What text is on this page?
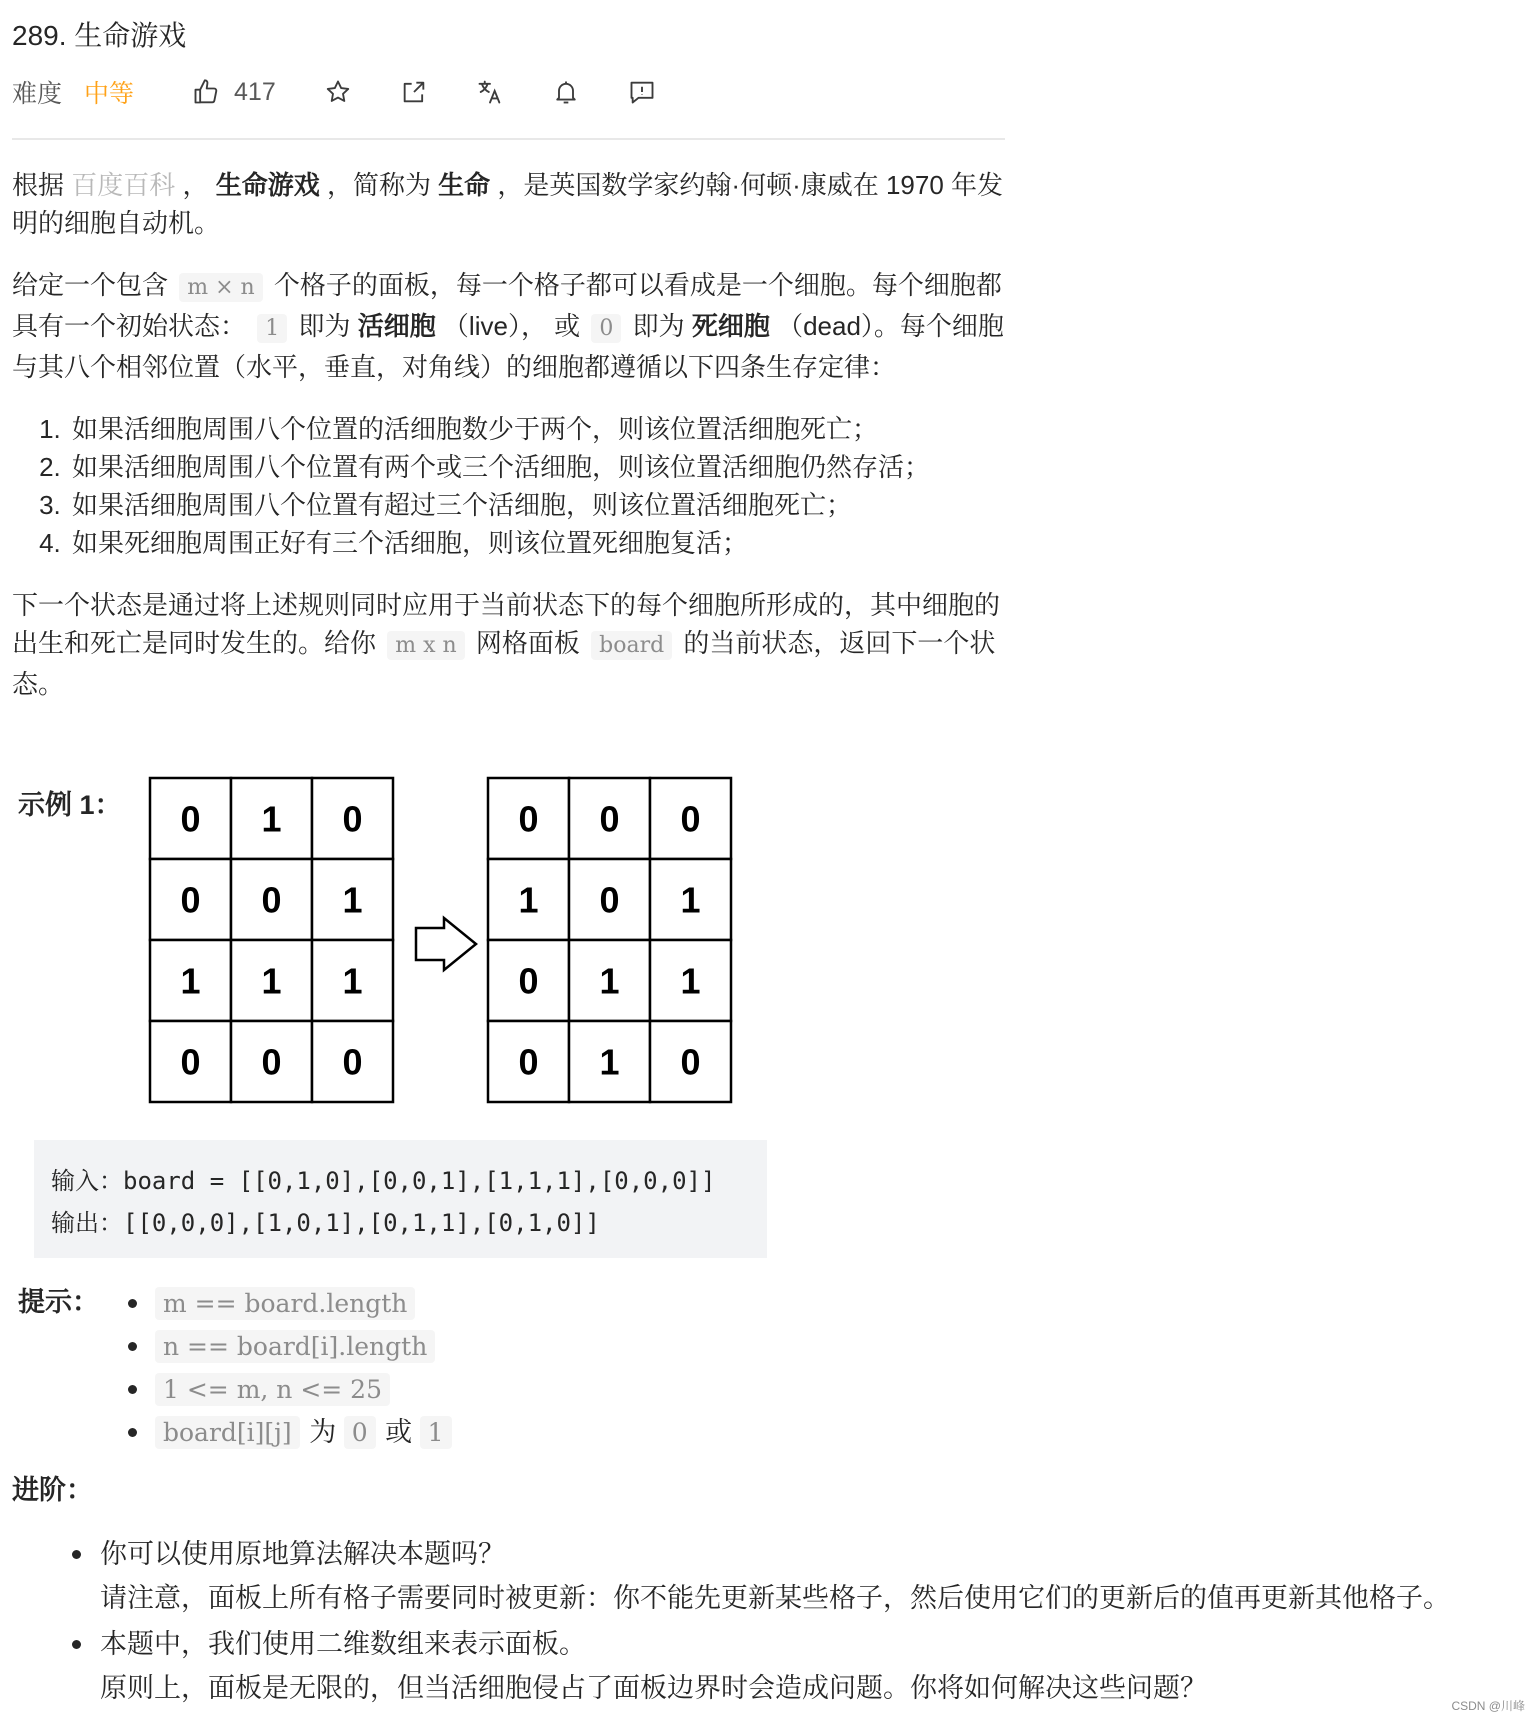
289. 生命游戏
难度 中等	417

根据 百度百科 ， 生命游戏 ，简称为 生命 ，是英国数学家约翰·何顿·康威在 1970 年发明的细胞自动机。

给定一个包含 m × n 个格子的面板，每一个格子都可以看成是一个细胞。每个细胞都具有一个初始状态： 1 即为 活细胞 （live）， 或 0 即为 死细胞 （dead）。每个细胞与其八个相邻位置（水平，垂直，对角线）的细胞都遵循以下四条生存定律：

1. 如果活细胞周围八个位置的活细胞数少于两个，则该位置活细胞死亡；
2. 如果活细胞周围八个位置有两个或三个活细胞，则该位置活细胞仍然存活；
3. 如果活细胞周围八个位置有超过三个活细胞，则该位置活细胞死亡；
4. 如果死细胞周围正好有三个活细胞，则该位置死细胞复活；

下一个状态是通过将上述规则同时应用于当前状态下的每个细胞所形成的，其中细胞的出生和死亡是同时发生的。给你 m x n 网格面板 board 的当前状态，返回下一个状态。

示例 1： 0 1 0
0 0 1
1 1 1
0 0 0
0 0 0
1 0 1
0 1 1
0 1 0
输入：board = [[0,1,0],[0,0,1],[1,1,1],[0,0,0]]
输出：[[0,0,0],[1,0,1],[0,1,1],[0,1,0]]
提示：	m == board.length
n == board[i].length
1 <= m, n <= 25
board[i][j] 为 0 或 1
进阶：
你可以使用原地算法解决本题吗？
请注意，面板上所有格子需要同时被更新：你不能先更新某些格子，然后使用它们的更新后的值再更新其他格子。
本题中，我们使用二维数组来表示面板。
原则上，面板是无限的，但当活细胞侵占了面板边界时会造成问题。你将如何解决这些问题？
CSDN @川峰
